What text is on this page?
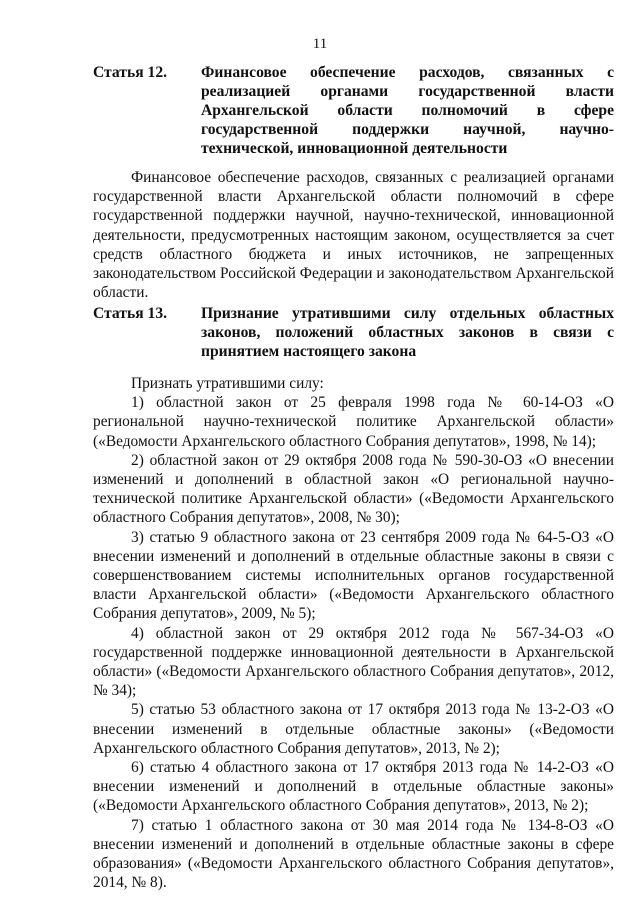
11
Статья 12.	Финансовое обеспечение расходов, связанных с реализацией органами государственной власти Архангельской области полномочий в сфере государственной поддержки научной, научно-технической, инновационной деятельности

Финансовое обеспечение расходов, связанных с реализацией органами государственной власти Архангельской области полномочий в сфере государственной поддержки научной, научно-технической, инновационной деятельности, предусмотренных настоящим законом, осуществляется за счет средств областного бюджета и иных источников, не запрещенных законодательством Российской Федерации и законодательством Архангельской области.

Статья 13.	Признание утратившими силу отдельных областных законов, положений областных законов в связи с принятием настоящего закона

Признать утратившими силу:

1) областной закон от 25 февраля 1998 года № 60-14-ОЗ «О региональной научно-технической политике Архангельской области» («Ведомости Архангельского областного Собрания депутатов», 1998, № 14);

2) областной закон от 29 октября 2008 года № 590-30-ОЗ «О внесении изменений и дополнений в областной закон «О региональной научно-технической политике Архангельской области» («Ведомости Архангельского областного Собрания депутатов», 2008, № 30);

3) статью 9 областного закона от 23 сентября 2009 года № 64-5-ОЗ «О внесении изменений и дополнений в отдельные областные законы в связи с совершенствованием системы исполнительных органов государственной власти Архангельской области» («Ведомости Архангельского областного Собрания депутатов», 2009, № 5);

4) областной закон от 29 октября 2012 года № 567-34-ОЗ «О государственной поддержке инновационной деятельности в Архангельской области» («Ведомости Архангельского областного Собрания депутатов», 2012, № 34);

5) статью 53 областного закона от 17 октября 2013 года № 13-2-ОЗ «О внесении изменений в отдельные областные законы» («Ведомости Архангельского областного Собрания депутатов», 2013, № 2);

6) статью 4 областного закона от 17 октября 2013 года № 14-2-ОЗ «О внесении изменений и дополнений в отдельные областные законы» («Ведомости Архангельского областного Собрания депутатов», 2013, № 2);

7) статью 1 областного закона от 30 мая 2014 года № 134-8-ОЗ «О внесении изменений и дополнений в отдельные областные законы в сфере образования» («Ведомости Архангельского областного Собрания депутатов», 2014, № 8).
